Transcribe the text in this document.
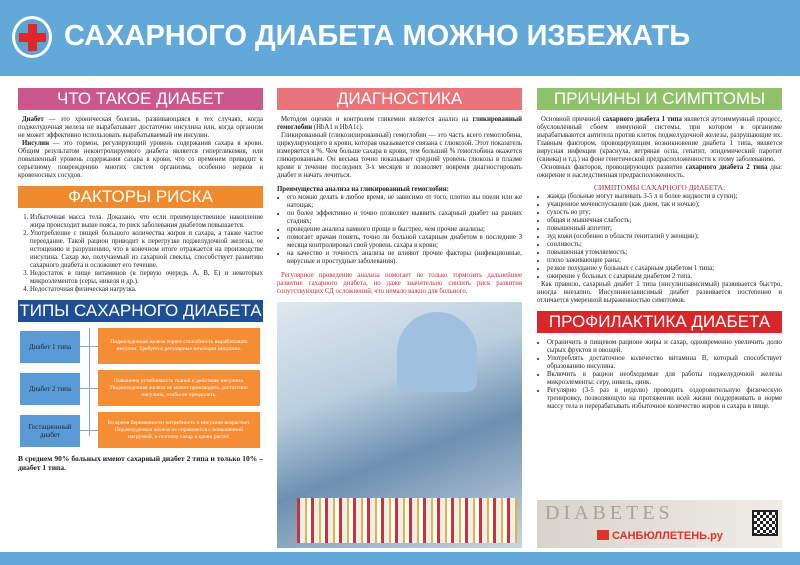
САХАРНОГО ДИАБЕТА МОЖНО ИЗБЕЖАТЬ
ЧТО ТАКОЕ ДИАБЕТ

Диабет — это хроническая болезнь, развивающаяся в тех случаях, когда поджелудочная железа не вырабатывает достаточно инсулина или, когда организм не может эффективно использовать вырабатываемый им инсулин.

Инсулин — это гормон, регулирующий уровень содержания сахара в крови. Общим результатом неконтролируемого диабета является гипергликемия, или повышенный уровень содержания сахара в крови, что со временем приводит к серьезному повреждению многих систем организма, особенно нервов и кровеносных сосудов.

ФАКТОРЫ РИСКА
1. Избыточная масса тела. Доказано, что если преимущественное накопление жира происходит выше пояса, то риск заболевания диабетом повышается.
2. Употребление с пищей большого количества жиров и сахара, а также частое переедание. Такой рацион приводит к перегрузке поджелудочной железы, ее истощению и разрушению, что в конечном итоге отражается на производстве инсулина. Сахар же, получаемый из сахарной свеклы, способствует развитию сахарного диабета и осложняет его течение.
3. Недостаток в пище витаминов (в первую очередь А, В, Е) и некоторых микроэлементов (серы, никеля и др.).
4. Недостаточная физическая нагрузка.
ТИПЫ САХАРНОГО ДИАБЕТА
Диабет 1 типа
Поджелудочная железа теряет способность вырабатывать инсулин. Требуется регулярные инъекции инсулина.
Диабет 2 типа
Повышена устойчивость тканей к действию инсулина. Поджелудочная железа не может производить достаточно инсулина, чтобы ее преодолеть.
Гестационный диабет
Во время беременности потребность в инсулине возрастает. Поджелудочная железа не справляется с повышенной нагрузкой, и поэтому сахар в крови растет.
В среднем 90% больных имеют сахарный диабет 2 типа и только 10% – диабет 1 типа.
ДИАГНОСТИКА

Методом оценки и контролем гликемии является анализ на гликированный гемоглобин (HbA1 и HbA1c).

Гликированный (гликозилированный) гемоглобин — это часть всего гемоглобина, циркулирующего в крови, которая оказывается связана с глюкозой. Этот показатель измеряется в %. Чем больше сахара в крови, тем больший % гемоглобина окажется гликированным. Он весьма точно показывает средний уровень глюкозы в плазме крови в течение последних 3-х месяцев и позволяет вовремя диагностировать диабет и начать лечиться.

Преимущества анализа на гликированный гемоглобин:

• его можно делать в любое время, не зависимо от того, плотно вы поели или же натощак;
• он более эффективно и точно позволяет выявить сахарный диабет на ранних стадиях;
• проведение анализа намного проще и быстрее, чем прочие анализы;
• помогает врачам понять, точно ли больной сахарным диабетом в последние 3 месяца контролировал свой уровень сахара в крови;
• на качество и точность анализа не влияют прочие факторы (инфекционные, вирусные и простудные заболевания).

Регулярное проведение анализа помогает не только тормозить дальнейшее развитие сахарного диабета, но даже значительно снизить риск развития сопутствующих СД осложнений, что немало важно для больного.

ПРИЧИНЫ И СИМПТОМЫ

Основной причиной сахарного диабета 1 типа является аутоиммунный процесс, обусловленный сбоем иммунной системы, при котором в организме вырабатываются антитела против клеток поджелудочной железы, разрушающие их. Главным фактором, провоцирующим возникновение диабета 1 типа, является вирусная инфекция (краснуха, ветряная оспа, гепатит, эпидемический паротит (свинка) и т.д.) на фоне генетической предрасположенности к этому заболеванию.

Основных факторов, провоцирующих развитие сахарного диабета 2 типа два: ожирение и наследственная предрасположенность.

СИМПТОМЫ САХАРНОГО ДИАБЕТА:
• жажда (больные могут выпивать 3-5 л и более жидкости в сутки);
• учащенное мочеиспускание (как днем, так и ночью);
• сухость во рту;
• общая и мышечная слабость;
• повышенный аппетит;
• зуд кожи (особенно в области гениталий у женщин);
• сонливость;
• повышенная утомляемость;
• плохо заживающие раны;
• резкое похудание у больных с сахарным диабетом 1 типа;
• ожирение у больных с сахарным диабетом 2 типа.

Как правило, сахарный диабет 1 типа (инсулинзависимый) развивается быстро, иногда внезапно. Инсулиннезависимый диабет развивается постепенно и отличается умеренной выраженностью симптомов.

ПРОФИЛАКТИКА ДИАБЕТА
• Ограничить в пищевом рационе жиры и сахар, одновременно увеличить долю сырых фруктов и овощей.
• Употреблять достаточное количество витамина В, который способствует образованию инсулина.
• Включить в рацион необходимые для работы поджелудочной железы микроэлементы: серу, никель, цинк.
• Регулярно (3-5 раз в неделю) проводить оздоровительную физическую тренировку, позволяющую на протяжении всей жизни поддерживать в норме массу тела и перерабатывать избыточное количество жиров и сахара в пище.
DIABETES
САНБЮЛЛЕТЕНЬ.ру
